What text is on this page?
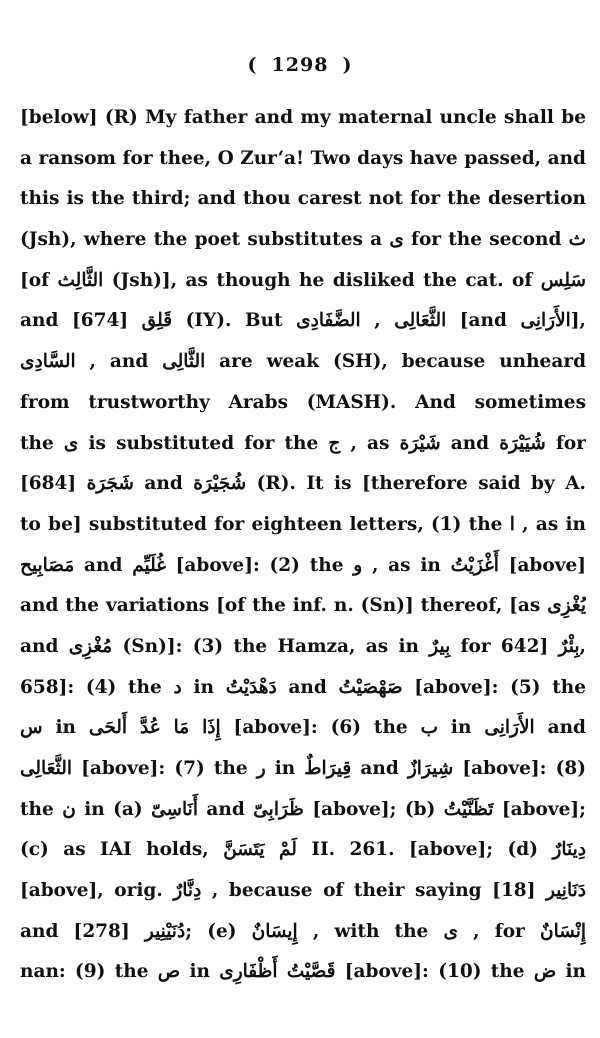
( 1298 )
[below] (R) My father and my maternal uncle shall be
a ransom for thee, O Zur‘a! Two days have passed, and
this is the third; and thou carest not for the desertion
(Jsh), where the poet substitutes a ى for the second ث
[of الثَّالِث (Jsh)], as though he disliked the cat. of سَلِس
and قَلِق [674] (IY). But الثَّعَالِى , الضَّفَادِى [and الأَرَانِى],
السَّادِى , and الثَّالِى are weak (SH), because unheard
from trustworthy Arabs (MASH). And sometimes
the ى is substituted for the ج , as شَيْرَة and شُيَيْرَة for
شَجَرَة [684] and شُجَيْرَة (R). It is [therefore said by A.
to be] substituted for eighteen letters, (1) the ا , as in
مَصَابِيح and غُلَيِّم [above]: (2) the و , as in أَغْزَيْتُ [above]
and the variations [of the inf. n. (Sn)] thereof, [as يُغْزِى
and مُغْزِى (Sn)]: (3) the Hamza, as in بِيرٌ for بِئْرٌ [642,
658]: (4) the د in دَهْدَيْتُ and صَهْصَيْتُ [above]: (5) the
س in إِذَا مَا عُدَّ أَلحَى [above]: (6) the ب in الأَرَانِى and
الثَّعَالِى [above]: (7) the ر in قِيرَاطٌ and شِيرَازٌ [above]: (8)
the ن in (a) أَنَاسِىّ and ظَرَابِىّ [above]; (b) تَظَنَّيْتُ [above];
(c) as IAI holds, لَمْ يَتَسَنَّ II. 261. [above]; (d) دِينَارٌ
[above], orig. دِنَّارٌ , because of their saying دَنَانِير [18]
and دُنَيْنِير [278]; (e) إِيسَانٌ , with the ى , for إِنْسَانٌ
nan: (9) the ص in قَصَّيْتُ أَظْفَارِى [above]: (10) the ض in
